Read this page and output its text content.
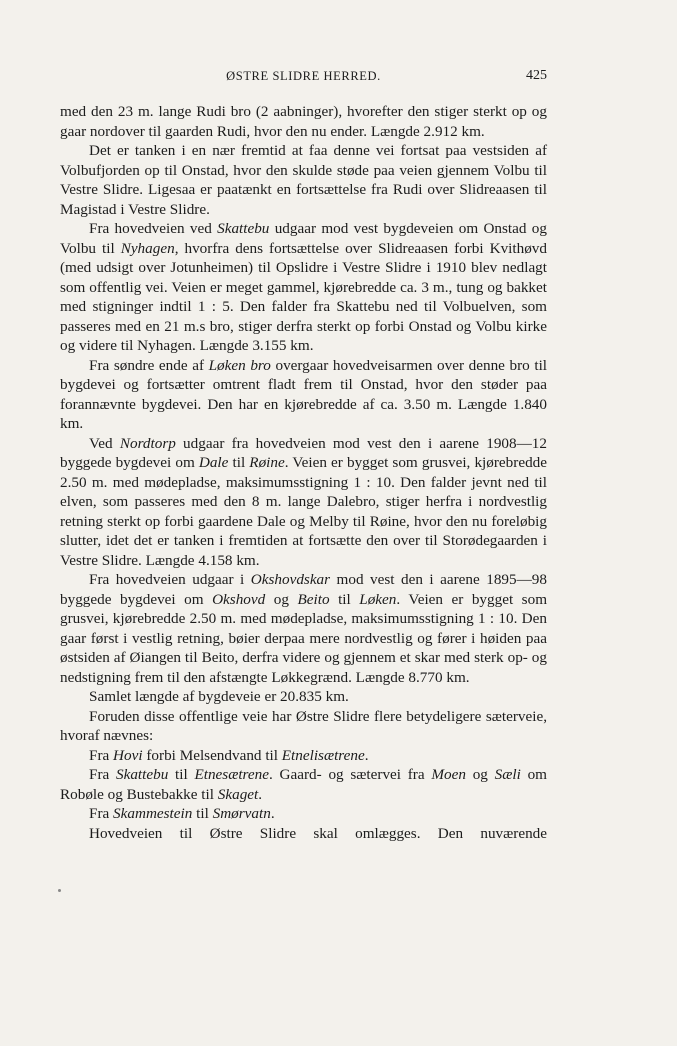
ØSTRE SLIDRE HERRED.	425

med den 23 m. lange Rudi bro (2 aabninger), hvorefter den stiger sterkt op og gaar nordover til gaarden Rudi, hvor den nu ender. Længde 2.912 km.

Det er tanken i en nær fremtid at faa denne vei fortsat paa vestsiden af Volbufjorden op til Onstad, hvor den skulde støde paa veien gjennem Volbu til Vestre Slidre. Ligesaa er paatænkt en fortsættelse fra Rudi over Slidreaasen til Magistad i Vestre Slidre.

Fra hovedveien ved Skattebu udgaar mod vest bygdeveien om Onstad og Volbu til Nyhagen, hvorfra dens fortsættelse over Slidreaasen forbi Kvithøvd (med udsigt over Jotunheimen) til Opslidre i Vestre Slidre i 1910 blev nedlagt som offentlig vei. Veien er meget gammel, kjørebredde ca. 3 m., tung og bakket med stigninger indtil 1 : 5. Den falder fra Skattebu ned til Volbuelven, som passeres med en 21 m.s bro, stiger derfra sterkt op forbi Onstad og Volbu kirke og videre til Nyhagen. Længde 3.155 km.

Fra søndre ende af Løken bro overgaar hovedveisarmen over denne bro til bygdevei og fortsætter omtrent fladt frem til Onstad, hvor den støder paa forannævnte bygdevei. Den har en kjørebredde af ca. 3.50 m. Længde 1.840 km.

Ved Nordtorp udgaar fra hovedveien mod vest den i aarene 1908—12 byggede bygdevei om Dale til Røine. Veien er bygget som grusvei, kjørebredde 2.50 m. med mødepladse, maksimumsstigning 1 : 10. Den falder jevnt ned til elven, som passeres med den 8 m. lange Dalebro, stiger herfra i nordvestlig retning sterkt op forbi gaardene Dale og Melby til Røine, hvor den nu foreløbig slutter, idet det er tanken i fremtiden at fortsætte den over til Storødegaarden i Vestre Slidre. Længde 4.158 km.

Fra hovedveien udgaar i Okshovdskar mod vest den i aarene 1895—98 byggede bygdevei om Okshovd og Beito til Løken. Veien er bygget som grusvei, kjørebredde 2.50 m. med mødepladse, maksimumsstigning 1 : 10. Den gaar først i vestlig retning, bøier derpaa mere nordvestlig og fører i høiden paa østsiden af Øiangen til Beito, derfra videre og gjennem et skar med sterk op- og nedstigning frem til den afstængte Løkkegrænd. Længde 8.770 km.

Samlet længde af bygdeveie er 20.835 km.

Foruden disse offentlige veie har Østre Slidre flere betydeligere sæterveie, hvoraf nævnes:

Fra Hovi forbi Melsendvand til Etnelisætrene.

Fra Skattebu til Etnesætrene. Gaard- og sætervei fra Moen og Sæli om Robøle og Bustebakke til Skaget.

Fra Skammestein til Smørvatn.

Hovedveien til Østre Slidre skal omlægges. Den nuværende
